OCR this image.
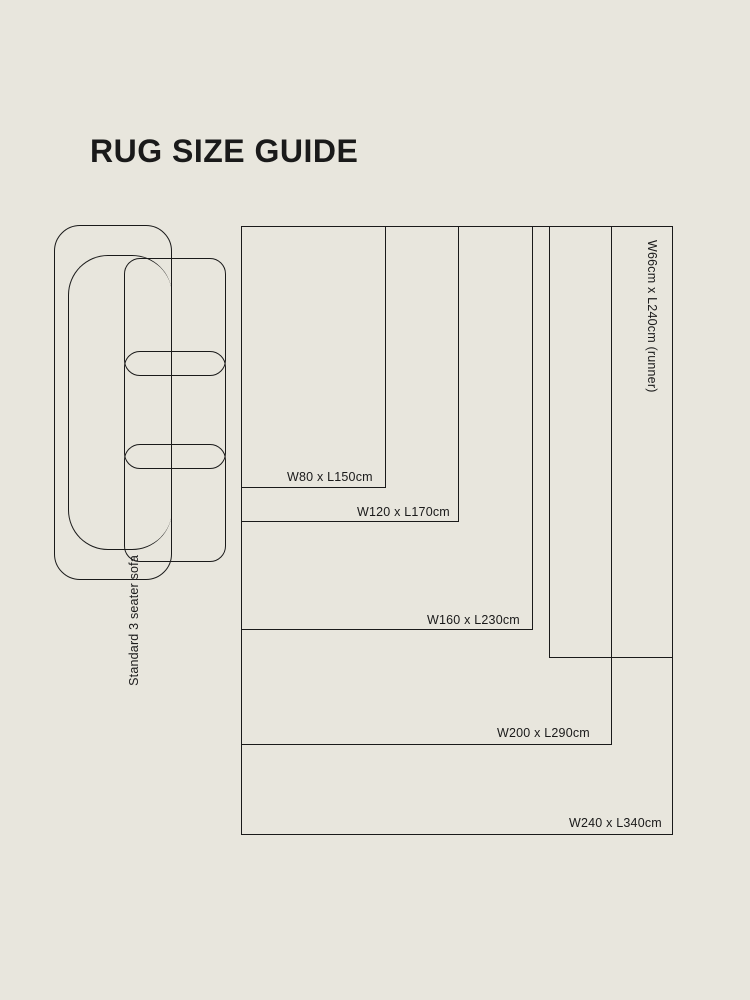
RUG SIZE GUIDE
Standard 3 seater sofa
W80 x L150cm
W120 x L170cm
W160 x L230cm
W200 x L290cm
W240 x L340cm
W66cm x L240cm (runner)
